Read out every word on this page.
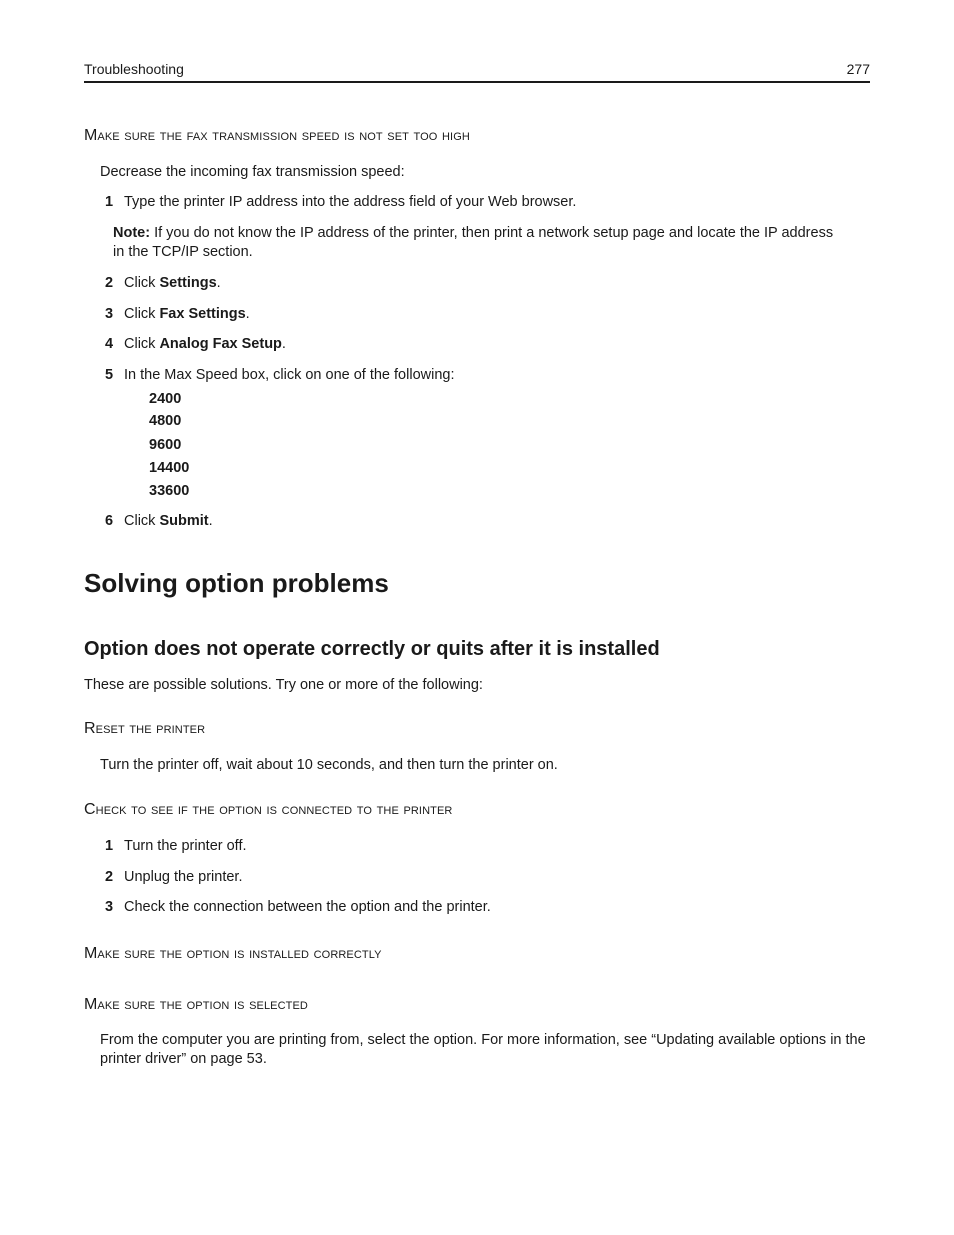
Troubleshooting	277
Make sure the fax transmission speed is not set too high

Decrease the incoming fax transmission speed:

1 Type the printer IP address into the address field of your Web browser.
Note: If you do not know the IP address of the printer, then print a network setup page and locate the IP address in the TCP/IP section.
2 Click Settings.
3 Click Fax Settings.
4 Click Analog Fax Setup.
5 In the Max Speed box, click on one of the following:
2400
4800
9600
14400
33600
6 Click Submit.
Solving option problems
Option does not operate correctly or quits after it is installed

These are possible solutions. Try one or more of the following:

Reset the printer

Turn the printer off, wait about 10 seconds, and then turn the printer on.

Check to see if the option is connected to the printer
1 Turn the printer off.
2 Unplug the printer.
3 Check the connection between the option and the printer.
Make sure the option is installed correctly
Make sure the option is selected

From the computer you are printing from, select the option. For more information, see “Updating available options in the printer driver” on page 53.
